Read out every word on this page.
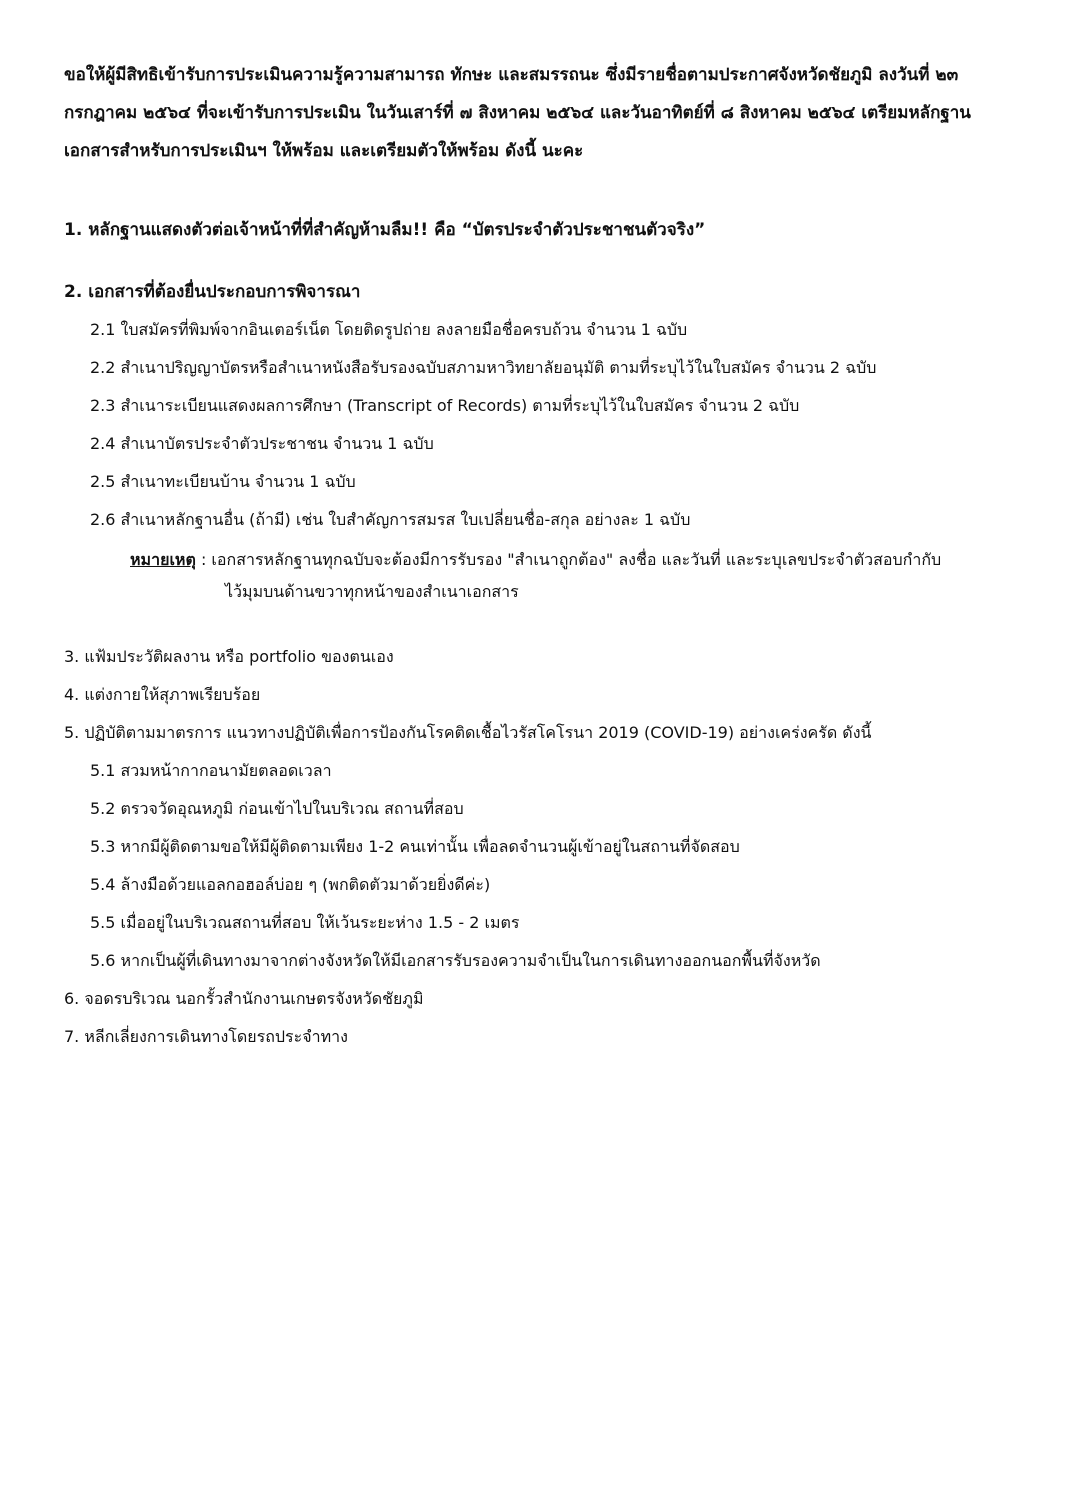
ขอให้ผู้มีสิทธิเข้ารับการประเมินความรู้ความสามารถ ทักษะ และสมรรถนะ ซึ่งมีรายชื่อตามประกาศจังหวัดชัยภูมิ ลงวันที่ ๒๓
กรกฎาคม ๒๕๖๔ ที่จะเข้ารับการประเมิน ในวันเสาร์ที่ ๗ สิงหาคม ๒๕๖๔ และวันอาทิตย์ที่ ๘ สิงหาคม ๒๕๖๔ เตรียมหลักฐาน
เอกสารสำหรับการประเมินฯ ให้พร้อม และเตรียมตัวให้พร้อม ดังนี้ นะคะ
1. หลักฐานแสดงตัวต่อเจ้าหน้าที่ที่สำคัญห้ามลืม!! คือ “บัตรประจำตัวประชาชนตัวจริง”
2. เอกสารที่ต้องยื่นประกอบการพิจารณา
2.1 ใบสมัครที่พิมพ์จากอินเตอร์เน็ต โดยติดรูปถ่าย ลงลายมือชื่อครบถ้วน จำนวน 1 ฉบับ
2.2 สำเนาปริญญาบัตรหรือสำเนาหนังสือรับรองฉบับสภามหาวิทยาลัยอนุมัติ ตามที่ระบุไว้ในใบสมัคร จำนวน 2 ฉบับ
2.3 สำเนาระเบียนแสดงผลการศึกษา (Transcript of Records) ตามที่ระบุไว้ในใบสมัคร จำนวน 2 ฉบับ
2.4 สำเนาบัตรประจำตัวประชาชน จำนวน 1 ฉบับ
2.5 สำเนาทะเบียนบ้าน จำนวน 1 ฉบับ
2.6 สำเนาหลักฐานอื่น (ถ้ามี) เช่น ใบสำคัญการสมรส ใบเปลี่ยนชื่อ-สกุล อย่างละ 1 ฉบับ
หมายเหตุ : เอกสารหลักฐานทุกฉบับจะต้องมีการรับรอง "สำเนาถูกต้อง" ลงชื่อ และวันที่ และระบุเลขประจำตัวสอบกำกับ
ไว้มุมบนด้านขวาทุกหน้าของสำเนาเอกสาร
3. แฟ้มประวัติผลงาน หรือ portfolio ของตนเอง
4. แต่งกายให้สุภาพเรียบร้อย
5. ปฏิบัติตามมาตรการ แนวทางปฏิบัติเพื่อการป้องกันโรคติดเชื้อไวรัสโคโรนา 2019 (COVID-19) อย่างเคร่งครัด ดังนี้
5.1 สวมหน้ากากอนามัยตลอดเวลา
5.2 ตรวจวัดอุณหภูมิ ก่อนเข้าไปในบริเวณ สถานที่สอบ
5.3 หากมีผู้ติดตามขอให้มีผู้ติดตามเพียง 1-2 คนเท่านั้น เพื่อลดจำนวนผู้เข้าอยู่ในสถานที่จัดสอบ
5.4 ล้างมือด้วยแอลกอฮอล์บ่อย ๆ (พกติดตัวมาด้วยยิ่งดีค่ะ)
5.5 เมื่ออยู่ในบริเวณสถานที่สอบ ให้เว้นระยะห่าง 1.5 - 2 เมตร
5.6 หากเป็นผู้ที่เดินทางมาจากต่างจังหวัดให้มีเอกสารรับรองความจำเป็นในการเดินทางออกนอกพื้นที่จังหวัด
6. จอดรบริเวณ นอกรั้วสำนักงานเกษตรจังหวัดชัยภูมิ
7. หลีกเลี่ยงการเดินทางโดยรถประจำทาง
